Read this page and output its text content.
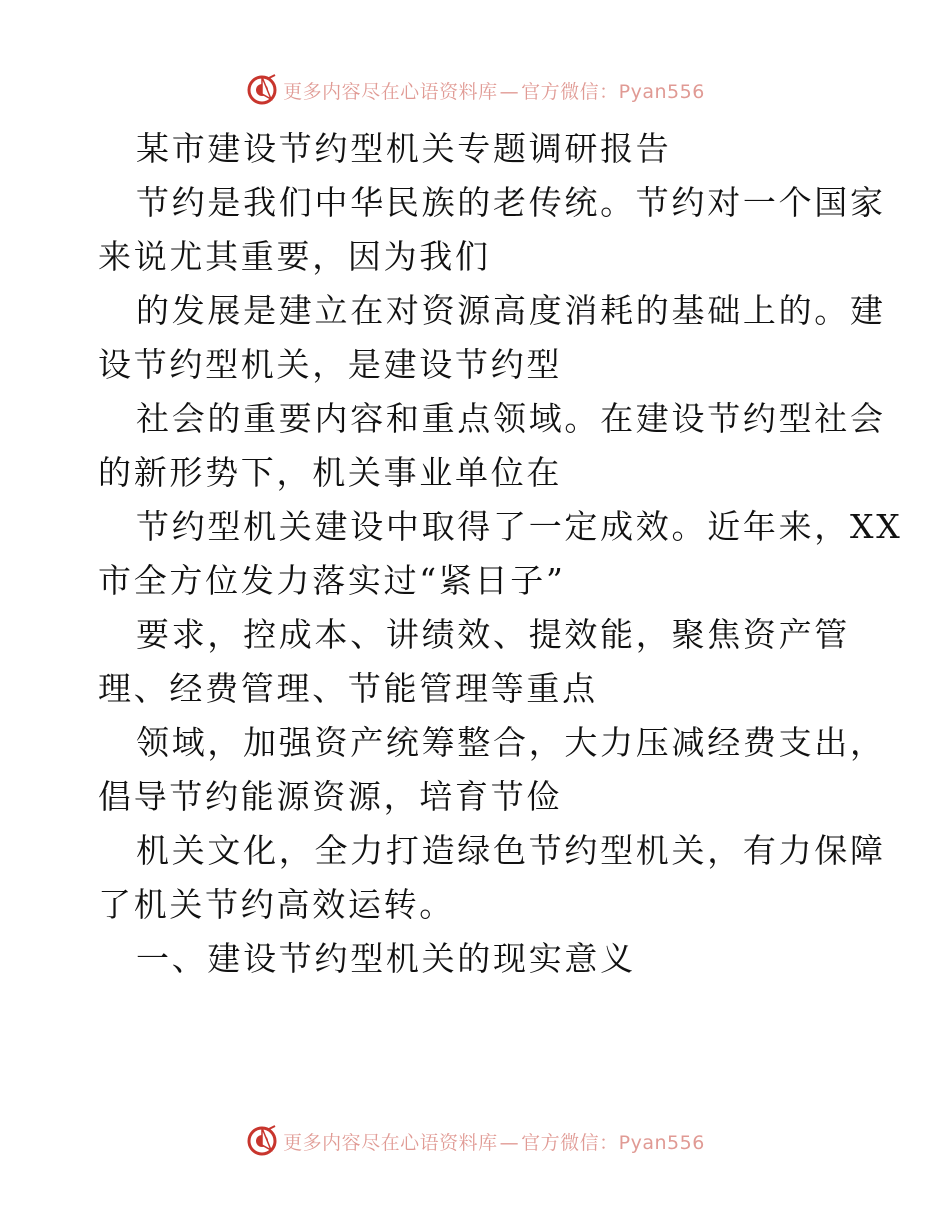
更多内容尽在心语资料库 — 官方微信：Pyan556
某市建设节约型机关专题调研报告
节约是我们中华民族的老传统。节约对一个国家
来说尤其重要，因为我们
的发展是建立在对资源高度消耗的基础上的。建
设节约型机关，是建设节约型
社会的重要内容和重点领域。在建设节约型社会
的新形势下，机关事业单位在
节约型机关建设中取得了一定成效。近年来，XX
市全方位发力落实过“紧日子”
要求，控成本、讲绩效、提效能，聚焦资产管
理、经费管理、节能管理等重点
领域，加强资产统筹整合，大力压减经费支出，
倡导节约能源资源，培育节俭
机关文化，全力打造绿色节约型机关，有力保障
了机关节约高效运转。
一、建设节约型机关的现实意义
更多内容尽在心语资料库 — 官方微信：Pyan556
